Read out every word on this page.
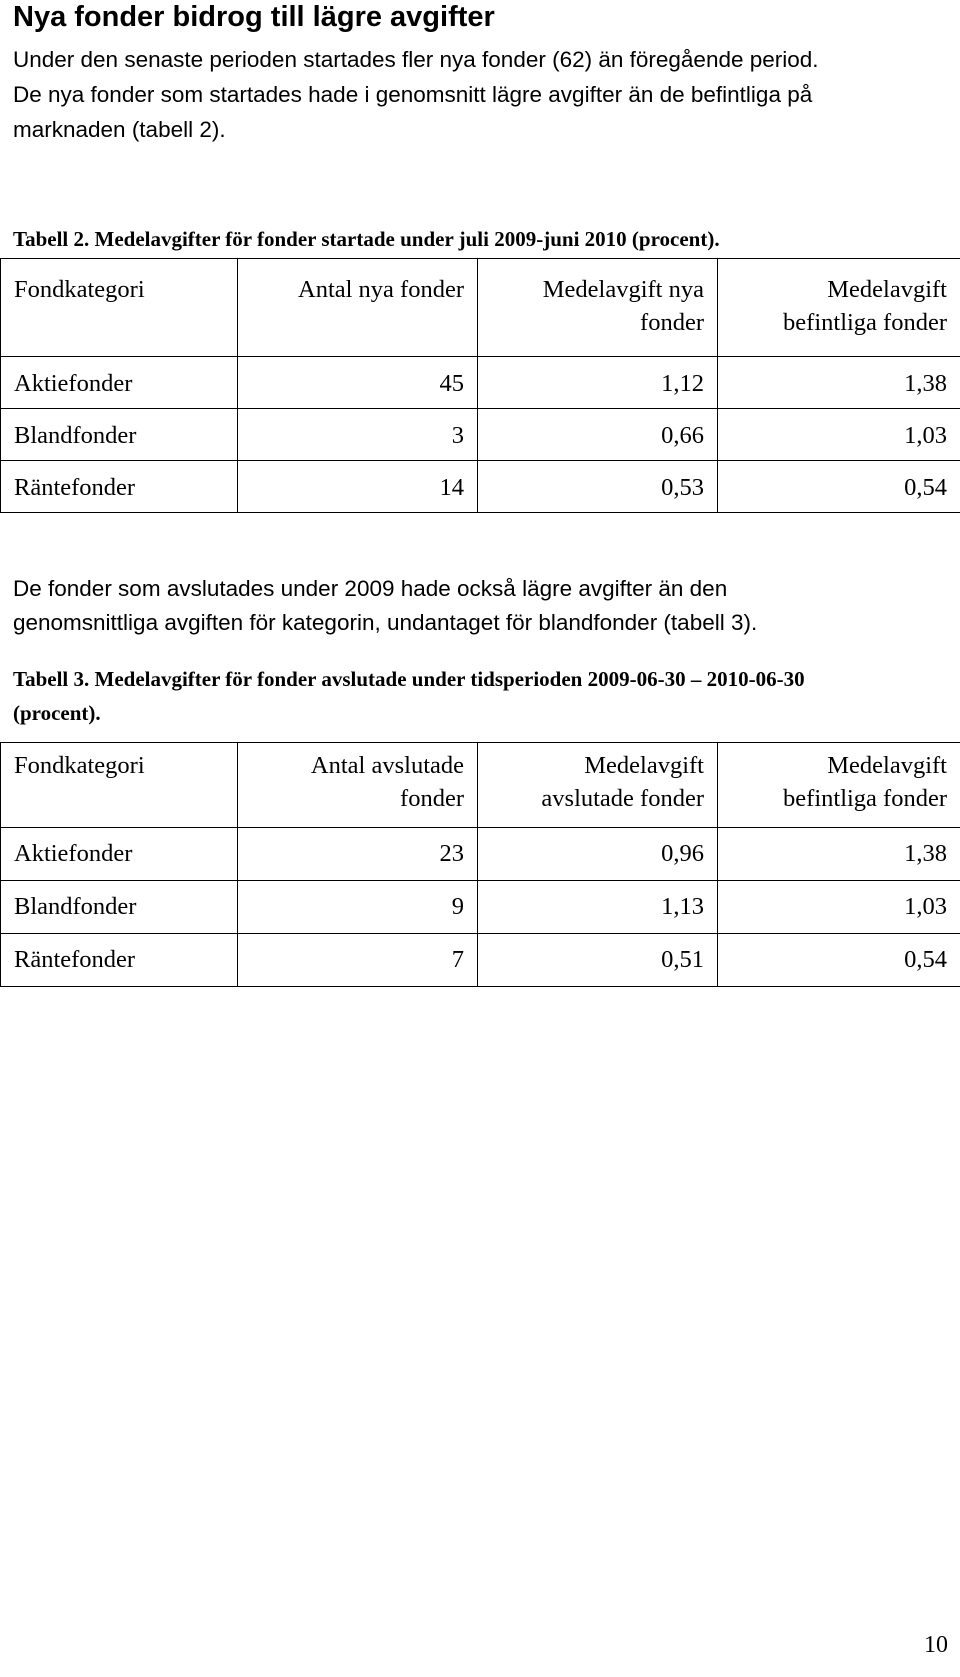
Nya fonder bidrog till lägre avgifter
Under den senaste perioden startades fler nya fonder (62) än föregående period.
De nya fonder som startades hade i genomsnitt lägre avgifter än de befintliga på
marknaden (tabell 2).
Tabell 2. Medelavgifter för fonder startade under juli 2009-juni 2010 (procent).
Fondkategori	Antal nya fonder	Medelavgift nya fonder	Medelavgift befintliga fonder
Aktiefonder	45	1,12	1,38
Blandfonder	3	0,66	1,03
Räntefonder	14	0,53	0,54
De fonder som avslutades under 2009 hade också lägre avgifter än den
genomsnittliga avgiften för kategorin, undantaget för blandfonder (tabell 3).
Tabell 3. Medelavgifter för fonder avslutade under tidsperioden 2009-06-30 – 2010-06-30
(procent).
Fondkategori	Antal avslutade fonder	Medelavgift avslutade fonder	Medelavgift befintliga fonder
Aktiefonder	23	0,96	1,38
Blandfonder	9	1,13	1,03
Räntefonder	7	0,51	0,54
10
